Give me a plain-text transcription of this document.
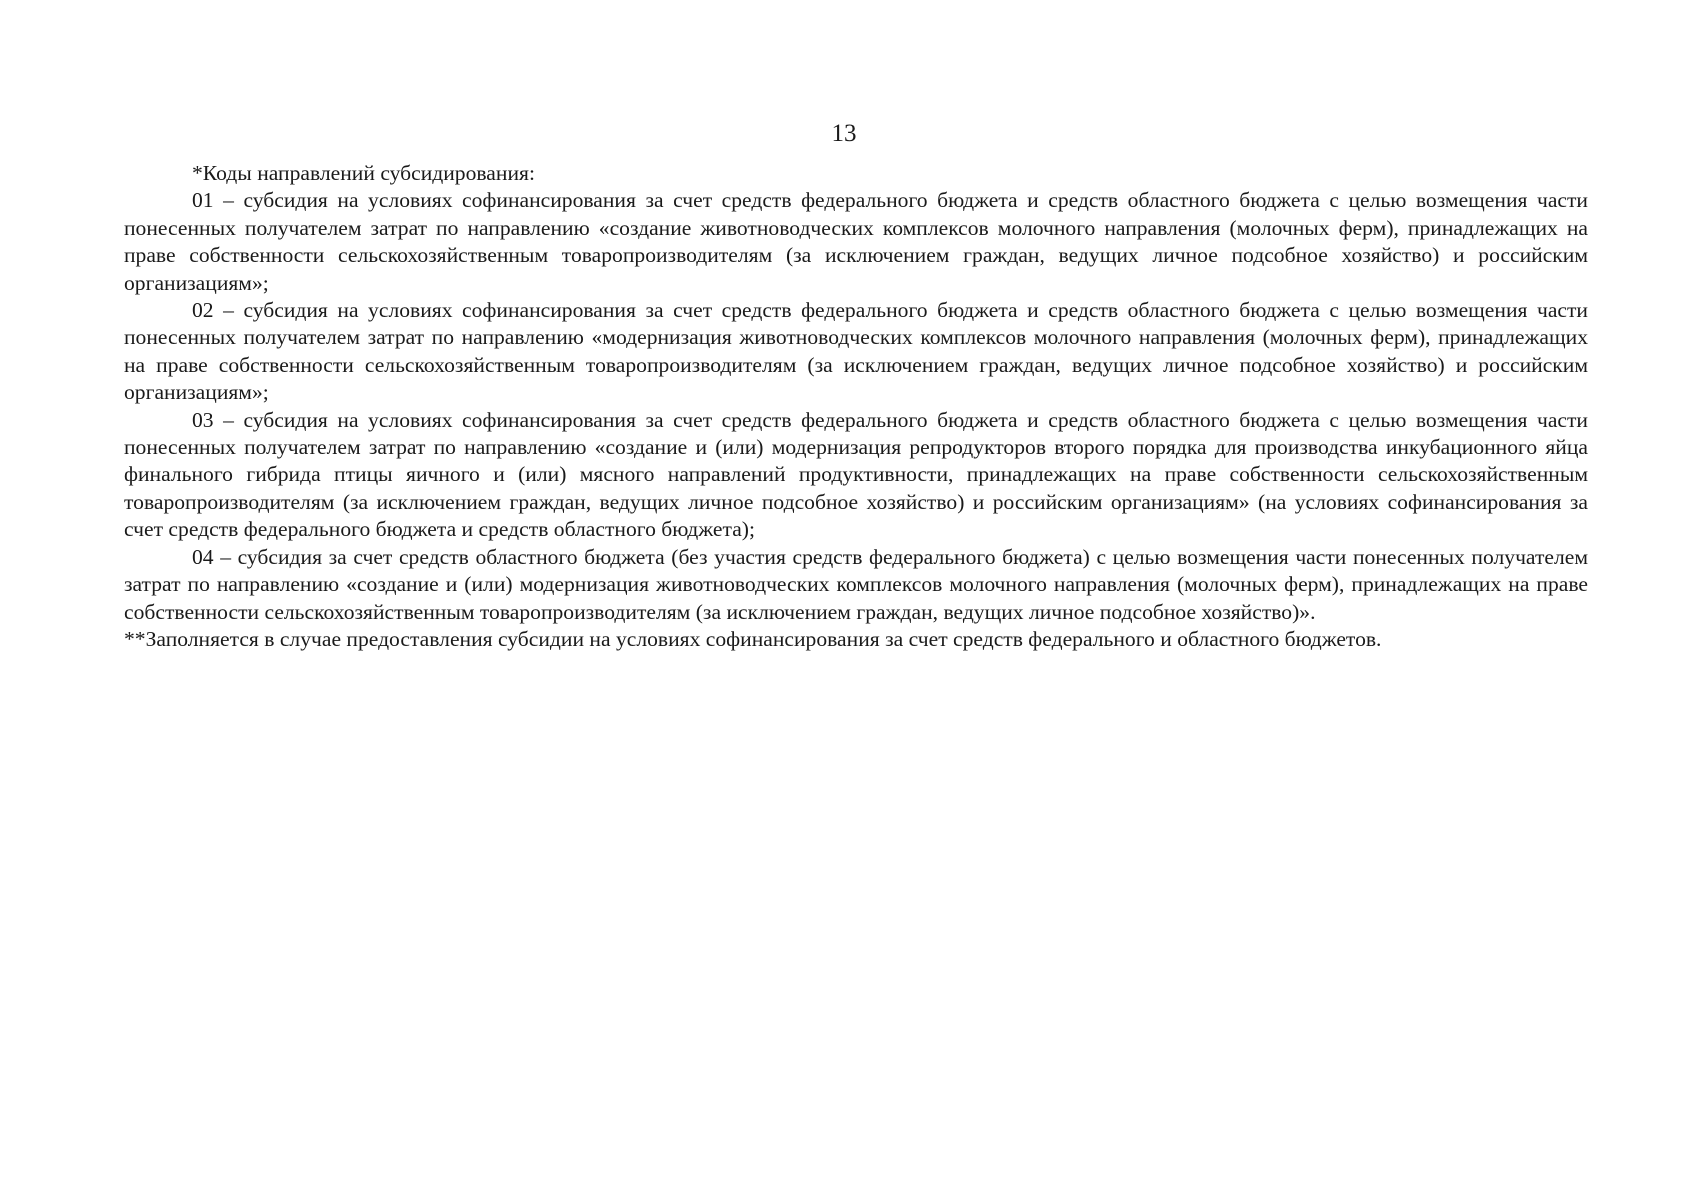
13

*Коды направлений субсидирования:

01 – субсидия на условиях софинансирования за счет средств федерального бюджета и средств областного бюджета с целью возмещения части понесенных получателем затрат по направлению «создание животноводческих комплексов молочного направления (молочных ферм), принадлежащих на праве собственности сельскохозяйственным товаропроизводителям (за исключением граждан, ведущих личное подсобное хозяйство) и российским организациям»;

02 – субсидия на условиях софинансирования за счет средств федерального бюджета и средств областного бюджета с целью возмещения части понесенных получателем затрат по направлению «модернизация животноводческих комплексов молочного направления (молочных ферм), принадлежащих на праве собственности сельскохозяйственным товаропроизводителям (за исключением граждан, ведущих личное подсобное хозяйство) и российским организациям»;

03 – субсидия на условиях софинансирования за счет средств федерального бюджета и средств областного бюджета с целью возмещения части понесенных получателем затрат по направлению «создание и (или) модернизация репродукторов второго порядка для производства инкубационного яйца финального гибрида птицы яичного и (или) мясного направлений продуктивности, принадлежащих на праве собственности сельскохозяйственным товаропроизводителям (за исключением граждан, ведущих личное подсобное хозяйство) и российским организациям» (на условиях софинансирования за счет средств федерального бюджета и средств областного бюджета);

04 – субсидия за счет средств областного бюджета (без участия средств федерального бюджета) с целью возмещения части понесенных получателем затрат по направлению «создание и (или) модернизация животноводческих комплексов молочного направления (молочных ферм), принадлежащих на праве собственности сельскохозяйственным товаропроизводителям (за исключением граждан, ведущих личное подсобное хозяйство)».

**Заполняется в случае предоставления субсидии на условиях софинансирования за счет средств федерального и областного бюджетов.
